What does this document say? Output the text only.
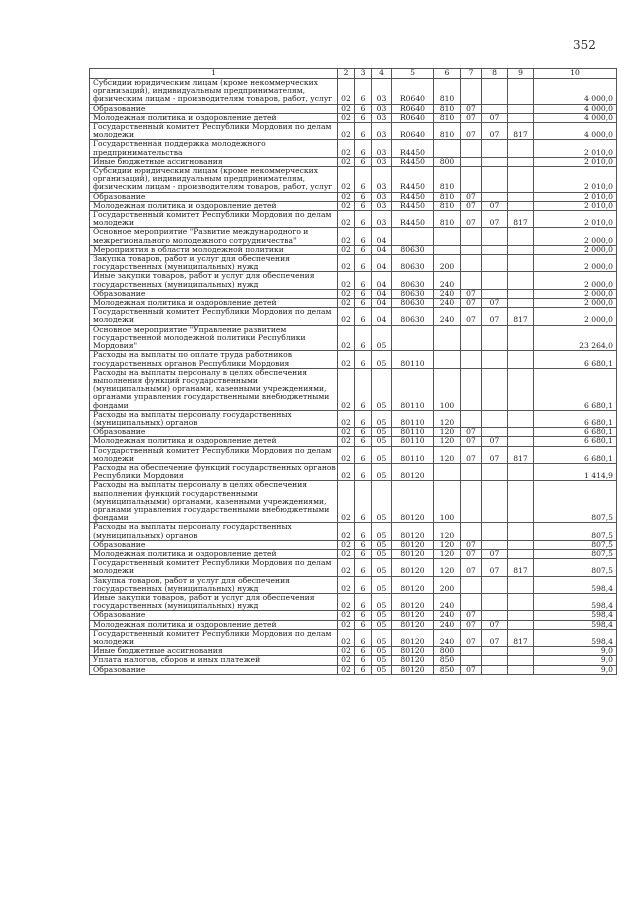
352
1	2	3	4	5	6	7	8	9	10
Субсидии юридическим лицам (кроме некоммерческих организаций), индивидуальным предпринимателям, физическим лицам - производителям товаров, работ, услуг	02	6	03	R0640	810				4 000,0
Образование	02	6	03	R0640	810	07			4 000,0
Молодежная политика и оздоровление детей	02	6	03	R0640	810	07	07		4 000,0
Государственный комитет Республики Мордовия по делам молодежи	02	6	03	R0640	810	07	07	817	4 000,0
Государственная поддержка молодежного предпринимательства	02	6	03	R4450					2 010,0
Иные бюджетные ассигнования	02	6	03	R4450	800				2 010,0
Субсидии юридическим лицам (кроме некоммерческих организаций), индивидуальным предпринимателям, физическим лицам - производителям товаров, работ, услуг	02	6	03	R4450	810				2 010,0
Образование	02	6	03	R4450	810	07			2 010,0
Молодежная политика и оздоровление детей	02	6	03	R4450	810	07	07		2 010,0
Государственный комитет Республики Мордовия по делам молодежи	02	6	03	R4450	810	07	07	817	2 010,0
Основное мероприятие "Развитие международного и межрегионального молодежного сотрудничества"	02	6	04						2 000,0
Мероприятия в области молодежной политики	02	6	04	80630					2 000,0
Закупка товаров, работ и услуг для обеспечения государственных (муниципальных) нужд	02	6	04	80630	200				2 000,0
Иные закупки товаров, работ и услуг для обеспечения государственных (муниципальных) нужд	02	6	04	80630	240				2 000,0
Образование	02	6	04	80630	240	07			2 000,0
Молодежная политика и оздоровление детей	02	6	04	80630	240	07	07		2 000,0
Государственный комитет Республики Мордовия по делам молодежи	02	6	04	80630	240	07	07	817	2 000,0
Основное мероприятие "Управление развитием государственной молодежной политики Республики Мордовия"	02	6	05						23 264,0
Расходы на выплаты по оплате труда работников государственных органов Республики Мордовия	02	6	05	80110					6 680,1
Расходы на выплаты персоналу в целях обеспечения выполнения функций государственными (муниципальными) органами, казенными учреждениями, органами управления государственными внебюджетными фондами	02	6	05	80110	100				6 680,1
Расходы на выплаты персоналу государственных (муниципальных) органов	02	6	05	80110	120				6 680,1
Образование	02	6	05	80110	120	07			6 680,1
Молодежная политика и оздоровление детей	02	6	05	80110	120	07	07		6 680,1
Государственный комитет Республики Мордовия по делам молодежи	02	6	05	80110	120	07	07	817	6 680,1
Расходы на обеспечение функций государственных органов Республики Мордовия	02	6	05	80120					1 414,9
Расходы на выплаты персоналу в целях обеспечения выполнения функций государственными (муниципальными) органами, казенными учреждениями, органами управления государственными внебюджетными фондами	02	6	05	80120	100				807,5
Расходы на выплаты персоналу государственных (муниципальных) органов	02	6	05	80120	120				807,5
Образование	02	6	05	80120	120	07			807,5
Молодежная политика и оздоровление детей	02	6	05	80120	120	07	07		807,5
Государственный комитет Республики Мордовия по делам молодежи	02	6	05	80120	120	07	07	817	807,5
Закупка товаров, работ и услуг для обеспечения государственных (муниципальных) нужд	02	6	05	80120	200				598,4
Иные закупки товаров, работ и услуг для обеспечения государственных (муниципальных) нужд	02	6	05	80120	240				598,4
Образование	02	6	05	80120	240	07			598,4
Молодежная политика и оздоровление детей	02	6	05	80120	240	07	07		598,4
Государственный комитет Республики Мордовия по делам молодежи	02	6	05	80120	240	07	07	817	598,4
Иные бюджетные ассигнования	02	6	05	80120	800				9,0
Уплата налогов, сборов и иных платежей	02	6	05	80120	850				9,0
Образование	02	6	05	80120	850	07			9,0
